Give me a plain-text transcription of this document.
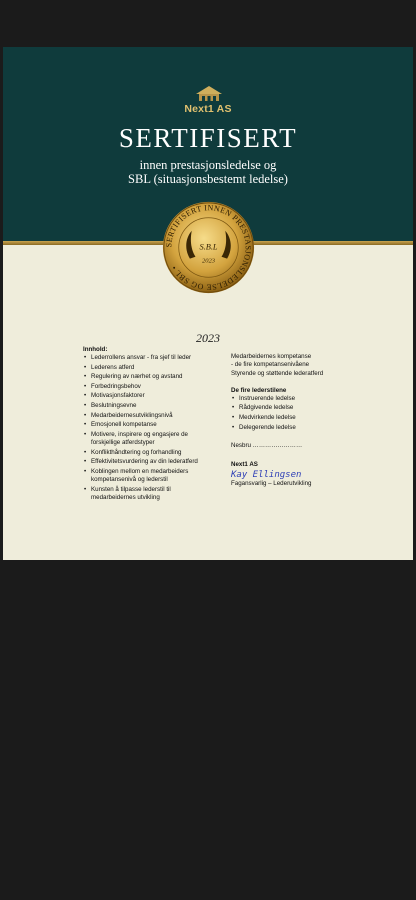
Next1 AS
SERTIFISERT
innen prestasjonsledelse og
SBL (situasjonsbestemt ledelse)
SERTIFISERT INNEN PRESTASJONSLEDELSE OG SBL •
S.B.L
2023
2023
Innhold:
• Lederrollens ansvar - fra sjef til leder
• Lederens atferd
• Regulering av nærhet og avstand
• Forbedringsbehov
• Motivasjonsfaktorer
• Beslutningsevne
• Medarbeidernesutviklingsnivå
• Emosjonell kompetanse
• Motivere, inspirere og engasjere de
forskjellige atferdstyper
• Konflikthåndtering og forhandling
• Effektivitetsvurdering av din lederatferd
• Koblingen mellom en medarbeiders
kompetansenivå og lederstil
• Kunsten å tilpasse lederstil til
medarbeidernes utvikling
Medarbeidernes kompetanse
- de fire kompetansenivåene
Styrende og støttende lederatferd
De fire lederstilene
• Instruerende ledelse
• Rådgivende ledelse
• Medvirkende ledelse
• Delegerende ledelse
Nesbru ……………………
Next1 AS
Kay Ellingsen
Fagansvarlig – Lederutvikling
